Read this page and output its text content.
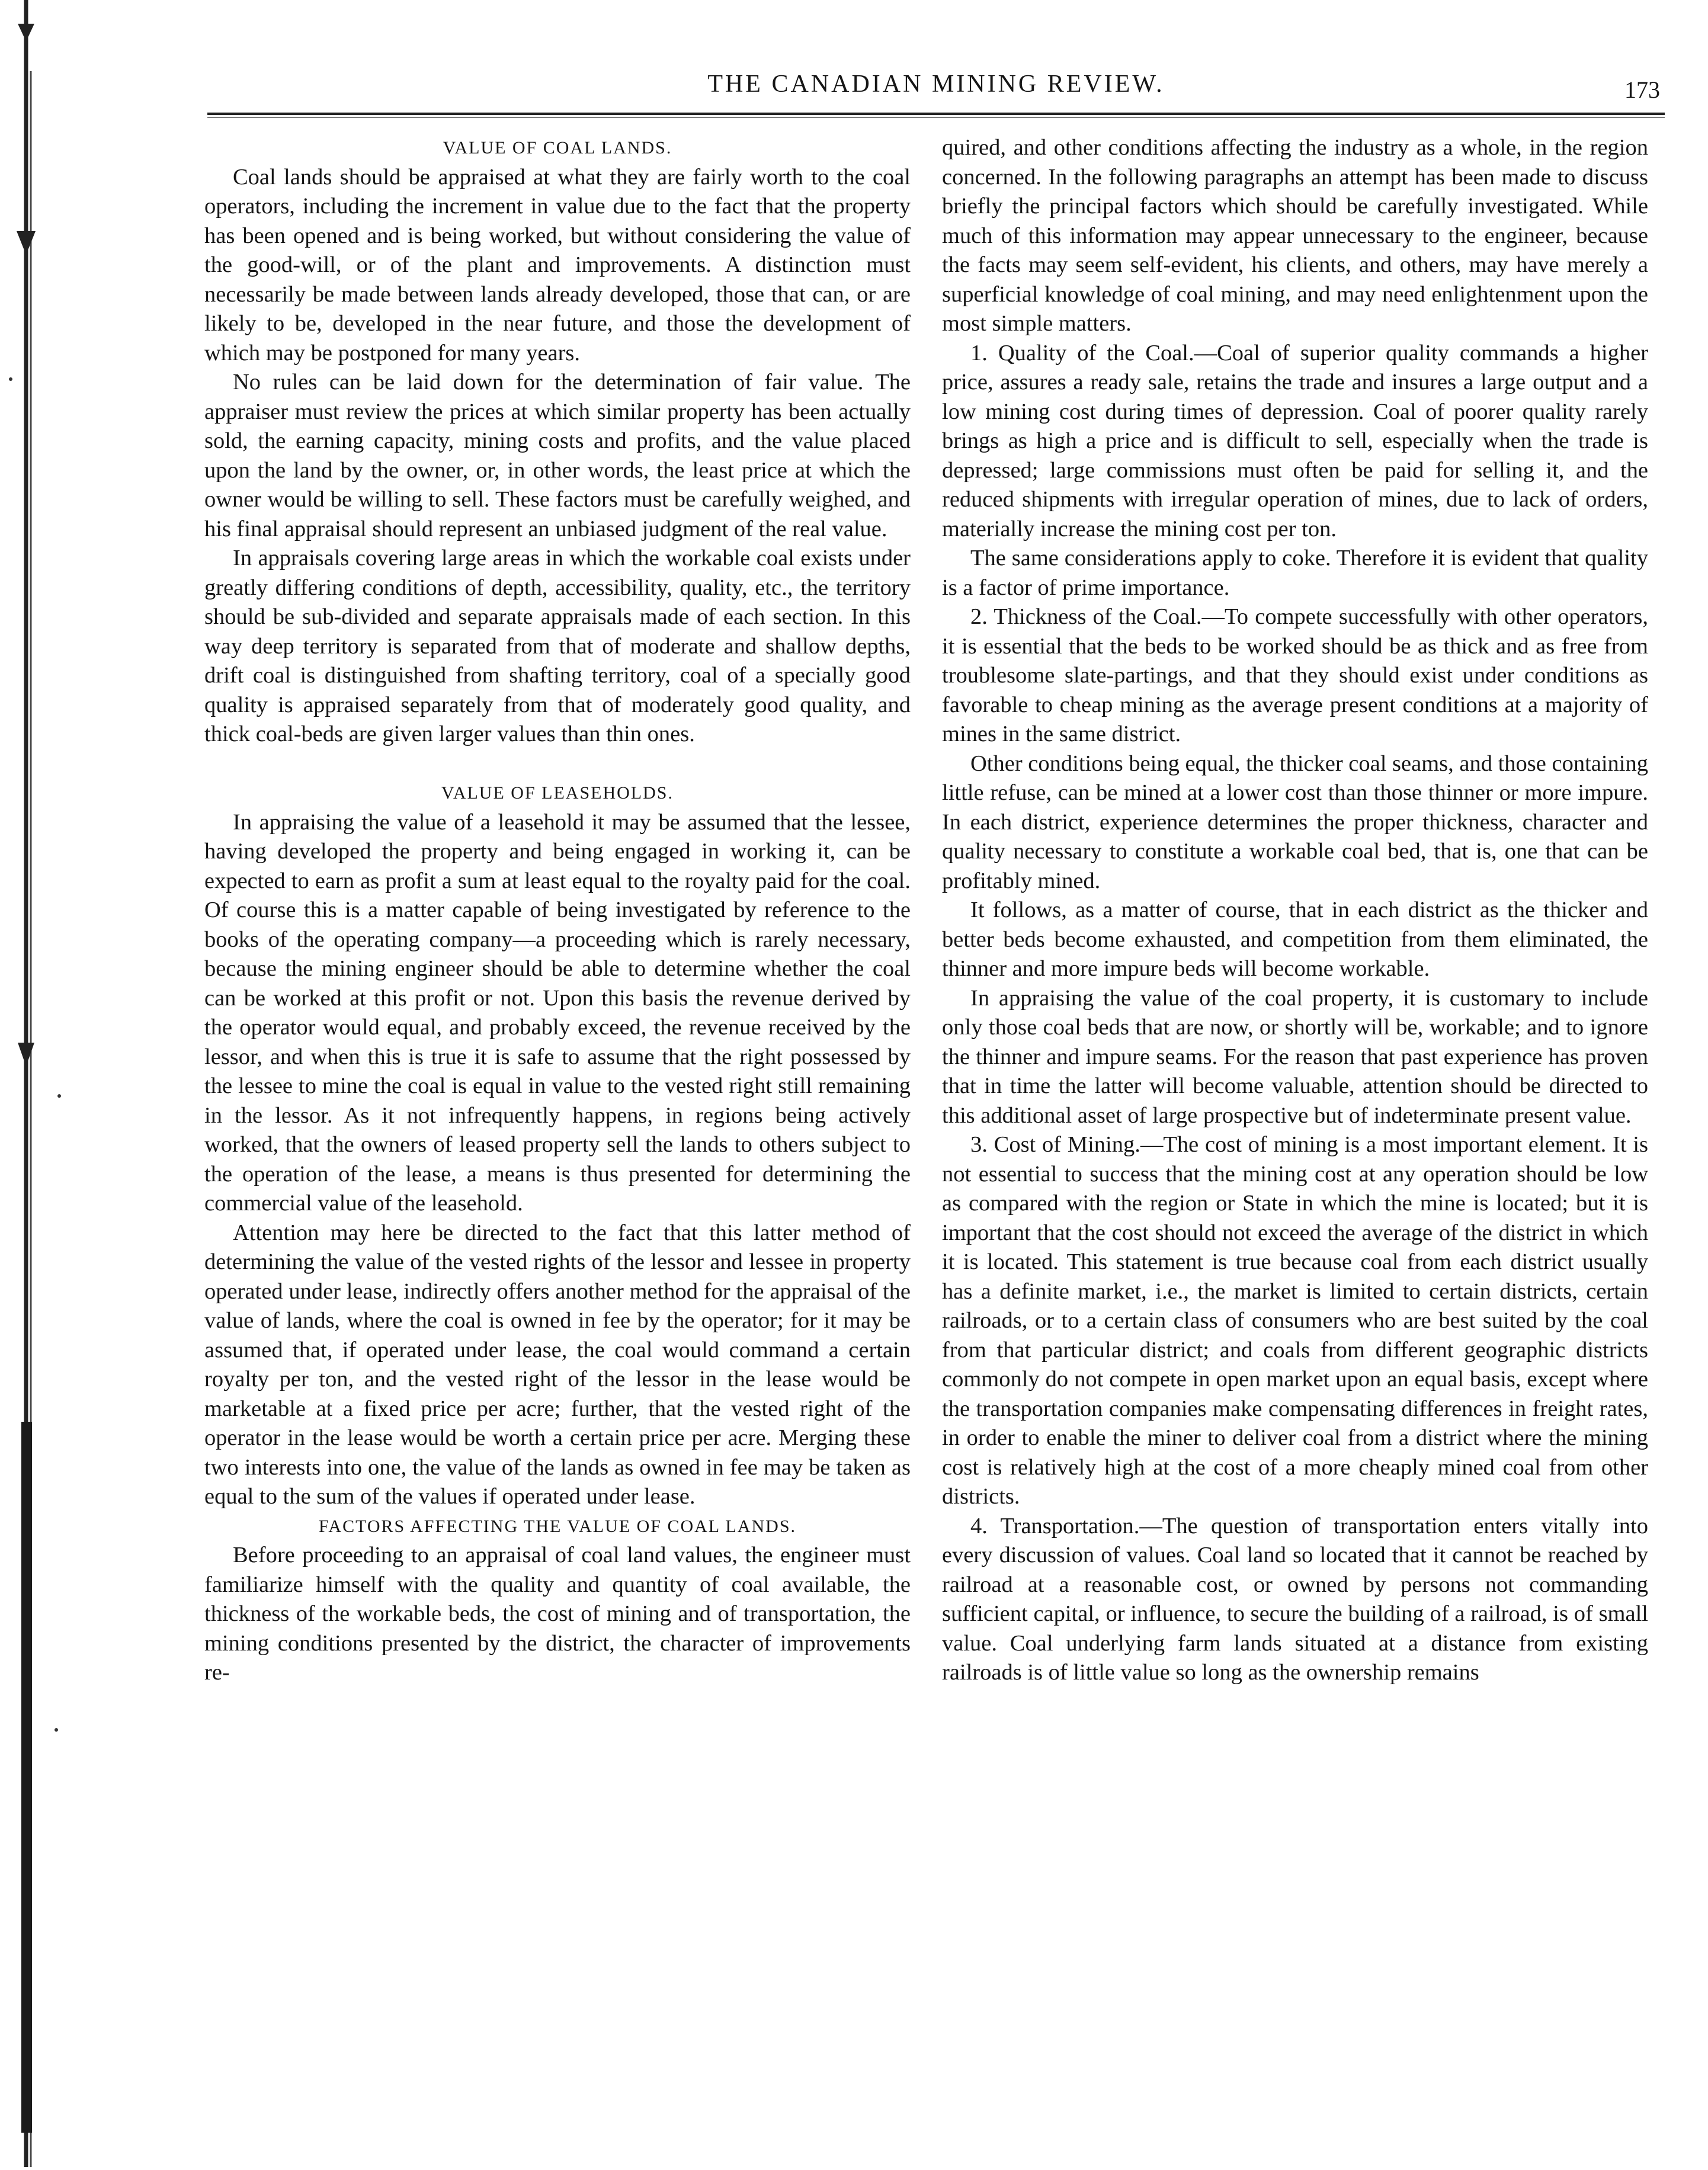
THE CANADIAN MINING REVIEW.	173
VALUE OF COAL LANDS.

Coal lands should be appraised at what they are fairly worth to the coal operators, including the increment in value due to the fact that the property has been opened and is being worked, but without considering the value of the good-will, or of the plant and improvements. A distinction must necessarily be made between lands already developed, those that can, or are likely to be, developed in the near future, and those the development of which may be postponed for many years.

No rules can be laid down for the determination of fair value. The appraiser must review the prices at which similar property has been actually sold, the earning capacity, mining costs and profits, and the value placed upon the land by the owner, or, in other words, the least price at which the owner would be willing to sell. These factors must be carefully weighed, and his final appraisal should represent an unbiased judgment of the real value.

In appraisals covering large areas in which the workable coal exists under greatly differing conditions of depth, accessibility, quality, etc., the territory should be sub-divided and separate appraisals made of each section. In this way deep territory is separated from that of moderate and shallow depths, drift coal is distinguished from shafting territory, coal of a specially good quality is appraised separately from that of moderately good quality, and thick coal-beds are given larger values than thin ones.

VALUE OF LEASEHOLDS.

In appraising the value of a leasehold it may be assumed that the lessee, having developed the property and being engaged in working it, can be expected to earn as profit a sum at least equal to the royalty paid for the coal. Of course this is a matter capable of being investigated by reference to the books of the operating company—a proceeding which is rarely necessary, because the mining engineer should be able to determine whether the coal can be worked at this profit or not. Upon this basis the revenue derived by the operator would equal, and probably exceed, the revenue received by the lessor, and when this is true it is safe to assume that the right possessed by the lessee to mine the coal is equal in value to the vested right still remaining in the lessor. As it not infrequently happens, in regions being actively worked, that the owners of leased property sell the lands to others subject to the operation of the lease, a means is thus presented for determining the commercial value of the leasehold.

Attention may here be directed to the fact that this latter method of determining the value of the vested rights of the lessor and lessee in property operated under lease, indirectly offers another method for the appraisal of the value of lands, where the coal is owned in fee by the operator; for it may be assumed that, if operated under lease, the coal would command a certain royalty per ton, and the vested right of the lessor in the lease would be marketable at a fixed price per acre; further, that the vested right of the operator in the lease would be worth a certain price per acre. Merging these two interests into one, the value of the lands as owned in fee may be taken as equal to the sum of the values if operated under lease.

FACTORS AFFECTING THE VALUE OF COAL LANDS.

Before proceeding to an appraisal of coal land values, the engineer must familiarize himself with the quality and quantity of coal available, the thickness of the workable beds, the cost of mining and of transportation, the mining conditions presented by the district, the character of improvements re-

quired, and other conditions affecting the industry as a whole, in the region concerned. In the following paragraphs an attempt has been made to discuss briefly the principal factors which should be carefully investigated. While much of this information may appear unnecessary to the engineer, because the facts may seem self-evident, his clients, and others, may have merely a superficial knowledge of coal mining, and may need enlightenment upon the most simple matters.

1. Quality of the Coal.—Coal of superior quality commands a higher price, assures a ready sale, retains the trade and insures a large output and a low mining cost during times of depression. Coal of poorer quality rarely brings as high a price and is difficult to sell, especially when the trade is depressed; large commissions must often be paid for selling it, and the reduced shipments with irregular operation of mines, due to lack of orders, materially increase the mining cost per ton.

The same considerations apply to coke. Therefore it is evident that quality is a factor of prime importance.

2. Thickness of the Coal.—To compete successfully with other operators, it is essential that the beds to be worked should be as thick and as free from troublesome slate-partings, and that they should exist under conditions as favorable to cheap mining as the average present conditions at a majority of mines in the same district.

Other conditions being equal, the thicker coal seams, and those containing little refuse, can be mined at a lower cost than those thinner or more impure. In each district, experience determines the proper thickness, character and quality necessary to constitute a workable coal bed, that is, one that can be profitably mined.

It follows, as a matter of course, that in each district as the thicker and better beds become exhausted, and competition from them eliminated, the thinner and more impure beds will become workable.

In appraising the value of the coal property, it is customary to include only those coal beds that are now, or shortly will be, workable; and to ignore the thinner and impure seams. For the reason that past experience has proven that in time the latter will become valuable, attention should be directed to this additional asset of large prospective but of indeterminate present value.

3. Cost of Mining.—The cost of mining is a most important element. It is not essential to success that the mining cost at any operation should be low as compared with the region or State in which the mine is located; but it is important that the cost should not exceed the average of the district in which it is located. This statement is true because coal from each district usually has a definite market, i.e., the market is limited to certain districts, certain railroads, or to a certain class of consumers who are best suited by the coal from that particular district; and coals from different geographic districts commonly do not compete in open market upon an equal basis, except where the transportation companies make compensating differences in freight rates, in order to enable the miner to deliver coal from a district where the mining cost is relatively high at the cost of a more cheaply mined coal from other districts.

4. Transportation.—The question of transportation enters vitally into every discussion of values. Coal land so located that it cannot be reached by railroad at a reasonable cost, or owned by persons not commanding sufficient capital, or influence, to secure the building of a railroad, is of small value. Coal underlying farm lands situated at a distance from existing railroads is of little value so long as the ownership remains
